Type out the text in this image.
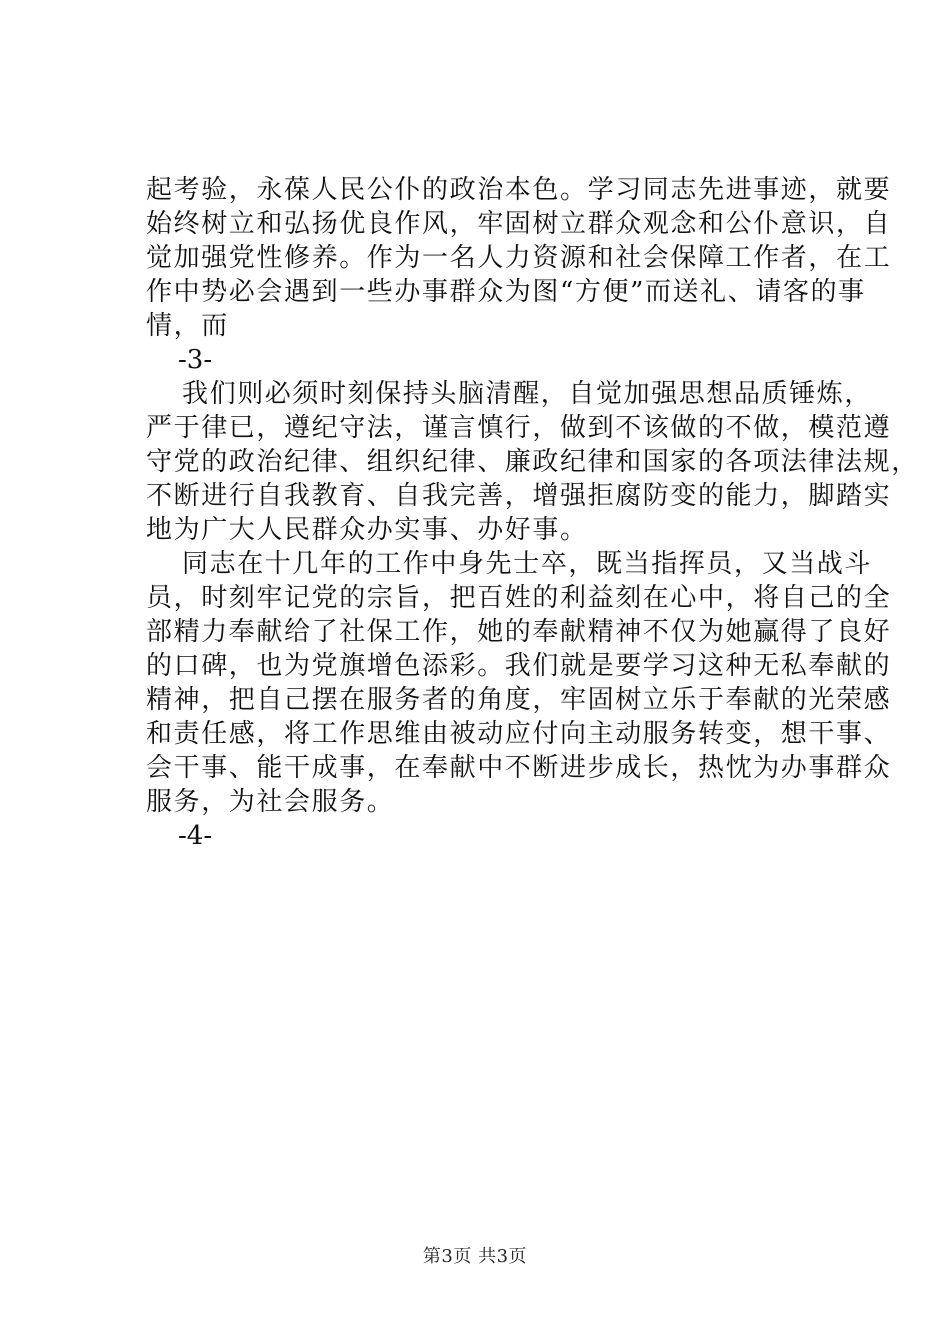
起考验，永葆人民公仆的政治本色。学习同志先进事迹，就要
始终树立和弘扬优良作风，牢固树立群众观念和公仆意识，自
觉加强党性修养。作为一名人力资源和社会保障工作者，在工
作中势必会遇到一些办事群众为图“方便”而送礼、请客的事
情，而
-3-
我们则必须时刻保持头脑清醒，自觉加强思想品质锤炼，
严于律已，遵纪守法，谨言慎行，做到不该做的不做，模范遵
守党的政治纪律、组织纪律、廉政纪律和国家的各项法律法规，
不断进行自我教育、自我完善，增强拒腐防变的能力，脚踏实
地为广大人民群众办实事、办好事。
同志在十几年的工作中身先士卒，既当指挥员，又当战斗
员，时刻牢记党的宗旨，把百姓的利益刻在心中，将自己的全
部精力奉献给了社保工作，她的奉献精神不仅为她赢得了良好
的口碑，也为党旗增色添彩。我们就是要学习这种无私奉献的
精神，把自己摆在服务者的角度，牢固树立乐于奉献的光荣感
和责任感，将工作思维由被动应付向主动服务转变，想干事、
会干事、能干成事，在奉献中不断进步成长，热忱为办事群众
服务，为社会服务。
-4-
第3页 共3页
